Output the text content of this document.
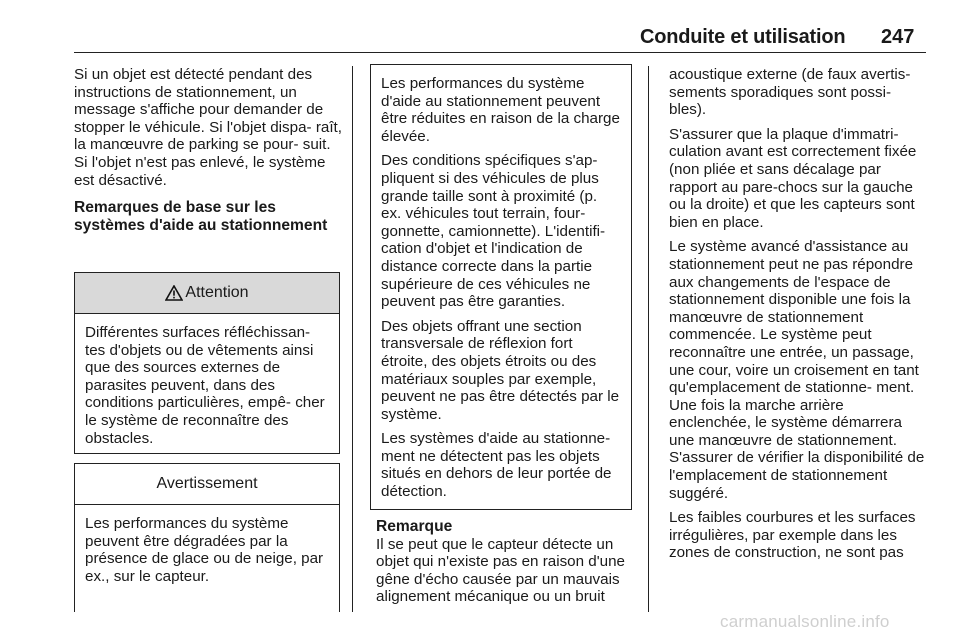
Conduite et utilisation 247

Si un objet est détecté pendant des instructions de stationnement, un message s'affiche pour demander de stopper le véhicule. Si l'objet dispa- raît, la manœuvre de parking se pour- suit. Si l'objet n'est pas enlevé, le système est désactivé.

Remarques de base sur les systèmes d'aide au stationnement
Attention
Différentes surfaces réfléchissan- tes d'objets ou de vêtements ainsi que des sources externes de parasites peuvent, dans des conditions particulières, empê- cher le système de reconnaître des obstacles.
Avertissement
Les performances du système peuvent être dégradées par la présence de glace ou de neige, par ex., sur le capteur.

Les performances du système d'aide au stationnement peuvent être réduites en raison de la charge élevée.

Des conditions spécifiques s'ap- pliquent si des véhicules de plus grande taille sont à proximité (p. ex. véhicules tout terrain, four- gonnette, camionnette). L'identifi- cation d'objet et l'indication de distance correcte dans la partie supérieure de ces véhicules ne peuvent pas être garanties.

Des objets offrant une section transversale de réflexion fort étroite, des objets étroits ou des matériaux souples par exemple, peuvent ne pas être détectés par le système.

Les systèmes d'aide au stationne- ment ne détectent pas les objets situés en dehors de leur portée de détection.

Remarque

Il se peut que le capteur détecte un objet qui n'existe pas en raison d'une gêne d'écho causée par un mauvais alignement mécanique ou un bruit

acoustique externe (de faux avertis- sements sporadiques sont possi- bles).

S'assurer que la plaque d'immatri- culation avant est correctement fixée (non pliée et sans décalage par rapport au pare-chocs sur la gauche ou la droite) et que les capteurs sont bien en place.

Le système avancé d'assistance au stationnement peut ne pas répondre aux changements de l'espace de stationnement disponible une fois la manœuvre de stationnement commencée. Le système peut reconnaître une entrée, un passage, une cour, voire un croisement en tant qu'emplacement de stationne- ment. Une fois la marche arrière enclenchée, le système démarrera une manœuvre de stationnement. S'assurer de vérifier la disponibilité de l'emplacement de stationnement suggéré.

Les faibles courbures et les surfaces irrégulières, par exemple dans les zones de construction, ne sont pas

carmanualsonline.info
